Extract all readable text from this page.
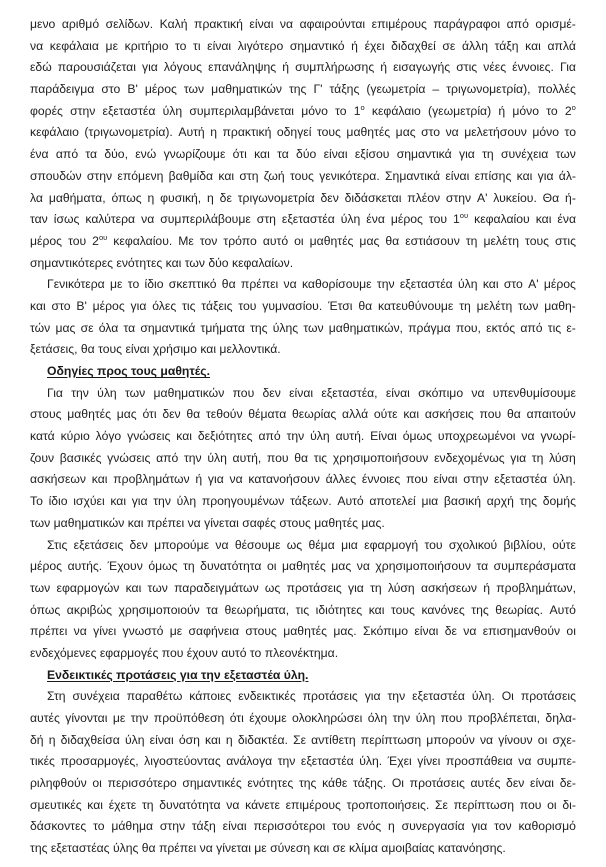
μενο αριθμό σελίδων. Καλή πρακτική είναι να αφαιρούνται επιμέρους παράγραφοι από ορισμέ-
να κεφάλαια με κριτήριο το τι είναι λιγότερο σημαντικό ή έχει διδαχθεί σε άλλη τάξη και απλά
εδώ παρουσιάζεται για λόγους επανάληψης ή συμπλήρωσης ή εισαγωγής στις νέες έννοιες. Για
παράδειγμα στο Β' μέρος των μαθηματικών της Γ' τάξης (γεωμετρία – τριγωνομετρία), πολλές
φορές στην εξεταστέα ύλη συμπεριλαμβάνεται μόνο το $1^o$ κεφάλαιο (γεωμετρία) ή μόνο το $2^o$
κεφάλαιο (τριγωνομετρία). Αυτή η πρακτική οδηγεί τους μαθητές μας στο να μελετήσουν μόνο το
ένα από τα δύο, ενώ γνωρίζουμε ότι και τα δύο είναι εξίσου σημαντικά για τη συνέχεια των
σπουδών στην επόμενη βαθμίδα και στη ζωή τους γενικότερα. Σημαντικά είναι επίσης και για άλ-
λα μαθήματα, όπως η φυσική, η δε τριγωνομετρία δεν διδάσκεται πλέον στην Α' λυκείου. Θα ή-
ταν ίσως καλύτερα να συμπεριλάβουμε στη εξεταστέα ύλη ένα μέρος του $1^{o\upsilon}$ κεφαλαίου και ένα
μέρος του $2^{o\upsilon}$ κεφαλαίου. Με τον τρόπο αυτό οι μαθητές μας θα εστιάσουν τη μελέτη τους στις
σημαντικότερες ενότητες και των δύο κεφαλαίων.
Γενικότερα με το ίδιο σκεπτικό θα πρέπει να καθορίσουμε την εξεταστέα ύλη και στο Α' μέρος
και στο Β' μέρος για όλες τις τάξεις του γυμνασίου. Έτσι θα κατευθύνουμε τη μελέτη των μαθη-
τών μας σε όλα τα σημαντικά τμήματα της ύλης των μαθηματικών, πράγμα που, εκτός από τις ε-
ξετάσεις, θα τους είναι χρήσιμο και μελλοντικά.
Οδηγίες προς τους μαθητές.
Για την ύλη των μαθηματικών που δεν είναι εξεταστέα, είναι σκόπιμο να υπενθυμίσουμε
στους μαθητές μας ότι δεν θα τεθούν θέματα θεωρίας αλλά ούτε και ασκήσεις που θα απαιτούν
κατά κύριο λόγο γνώσεις και δεξιότητες από την ύλη αυτή. Είναι όμως υποχρεωμένοι να γνωρί-
ζουν βασικές γνώσεις από την ύλη αυτή, που θα τις χρησιμοποιήσουν ενδεχομένως για τη λύση
ασκήσεων και προβλημάτων ή για να κατανοήσουν άλλες έννοιες που είναι στην εξεταστέα ύλη.
Το ίδιο ισχύει και για την ύλη προηγουμένων τάξεων. Αυτό αποτελεί μια βασική αρχή της δομής
των μαθηματικών και πρέπει να γίνεται σαφές στους μαθητές μας.
Στις εξετάσεις δεν μπορούμε να θέσουμε ως θέμα μια εφαρμογή του σχολικού βιβλίου, ούτε
μέρος αυτής. Έχουν όμως τη δυνατότητα οι μαθητές μας να χρησιμοποιήσουν τα συμπεράσματα
των εφαρμογών και των παραδειγμάτων ως προτάσεις για τη λύση ασκήσεων ή προβλημάτων,
όπως ακριβώς χρησιμοποιούν τα θεωρήματα, τις ιδιότητες και τους κανόνες της θεωρίας. Αυτό
πρέπει να γίνει γνωστό με σαφήνεια στους μαθητές μας. Σκόπιμο είναι δε να επισημανθούν οι
ενδεχόμενες εφαρμογές που έχουν αυτό το πλεονέκτημα.
Ενδεικτικές προτάσεις για την εξεταστέα ύλη.
Στη συνέχεια παραθέτω κάποιες ενδεικτικές προτάσεις για την εξεταστέα ύλη. Οι προτάσεις
αυτές γίνονται με την προϋπόθεση ότι έχουμε ολοκληρώσει όλη την ύλη που προβλέπεται, δηλα-
δή η διδαχθείσα ύλη είναι όση και η διδακτέα. Σε αντίθετη περίπτωση μπορούν να γίνουν οι σχε-
τικές προσαρμογές, λιγοστεύοντας ανάλογα την εξεταστέα ύλη. Έχει γίνει προσπάθεια να συμπε-
ριληφθούν οι περισσότερο σημαντικές ενότητες της κάθε τάξης. Οι προτάσεις αυτές δεν είναι δε-
σμευτικές και έχετε τη δυνατότητα να κάνετε επιμέρους τροποποιήσεις. Σε περίπτωση που οι δι-
δάσκοντες το μάθημα στην τάξη είναι περισσότεροι του ενός η συνεργασία για τον καθορισμό
της εξεταστέας ύλης θα πρέπει να γίνεται με σύνεση και σε κλίμα αμοιβαίας κατανόησης.
